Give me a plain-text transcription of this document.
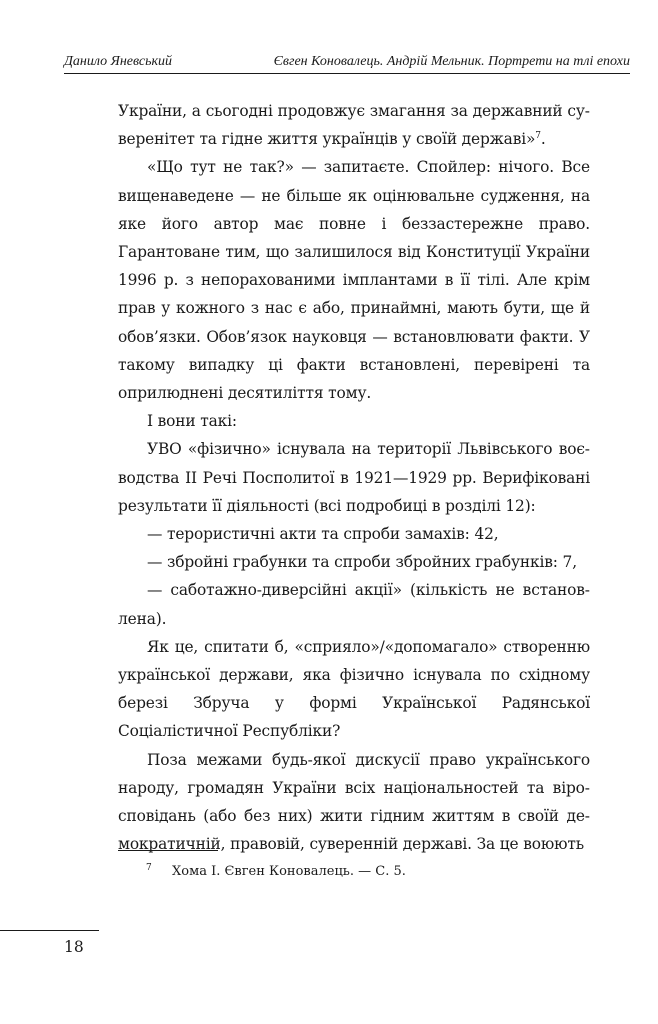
Данило Яневський	Євген Коновалець. Андрій Мельник. Портрети на тлі епохи

України, а сьогодні продовжує змагання за державний суверенітет та гідне життя українців у своїй державі»$^7$.

«Що тут не так?» — запитаєте. Спойлер: нічого. Все вищенаведене — не більше як оцінювальне судження, на яке його автор має повне і беззастережне право. Гарантоване тим, що залишилося від Конституції України 1996 р. з непорахованими імплантами в її тілі. Але крім прав у кожного з нас є або, принаймні, мають бути, ще й обов’язки. Обов’язок науковця — встановлювати факти. У такому випадку ці факти встановлені, перевірені та оприлюднені десятиліття тому.

І вони такі:

УВО «фізично» існувала на території Львівського воєводства ІІ Речі Посполитої в 1921—1929 рр. Верифіковані результати її діяльності (всі подробиці в розділі 12):

— терористичні акти та спроби замахів: 42,

— збройні грабунки та спроби збройних грабунків: 7,

— саботажно-диверсійні акції» (кількість не встановлена).

Як це, спитати б, «сприяло»/«допомагало» створенню української держави, яка фізично існувала по східному березі Збруча у формі Української Радянської Соціалістичної Республіки?

Поза межами будь-якої дискусії право українського народу, громадян України всіх національностей та віросповідань (або без них) жити гідним життям в своїй демократичній, правовій, суверенній державі. За це воюють

7 Хома І. Євген Коновалець. — С. 5.
18
